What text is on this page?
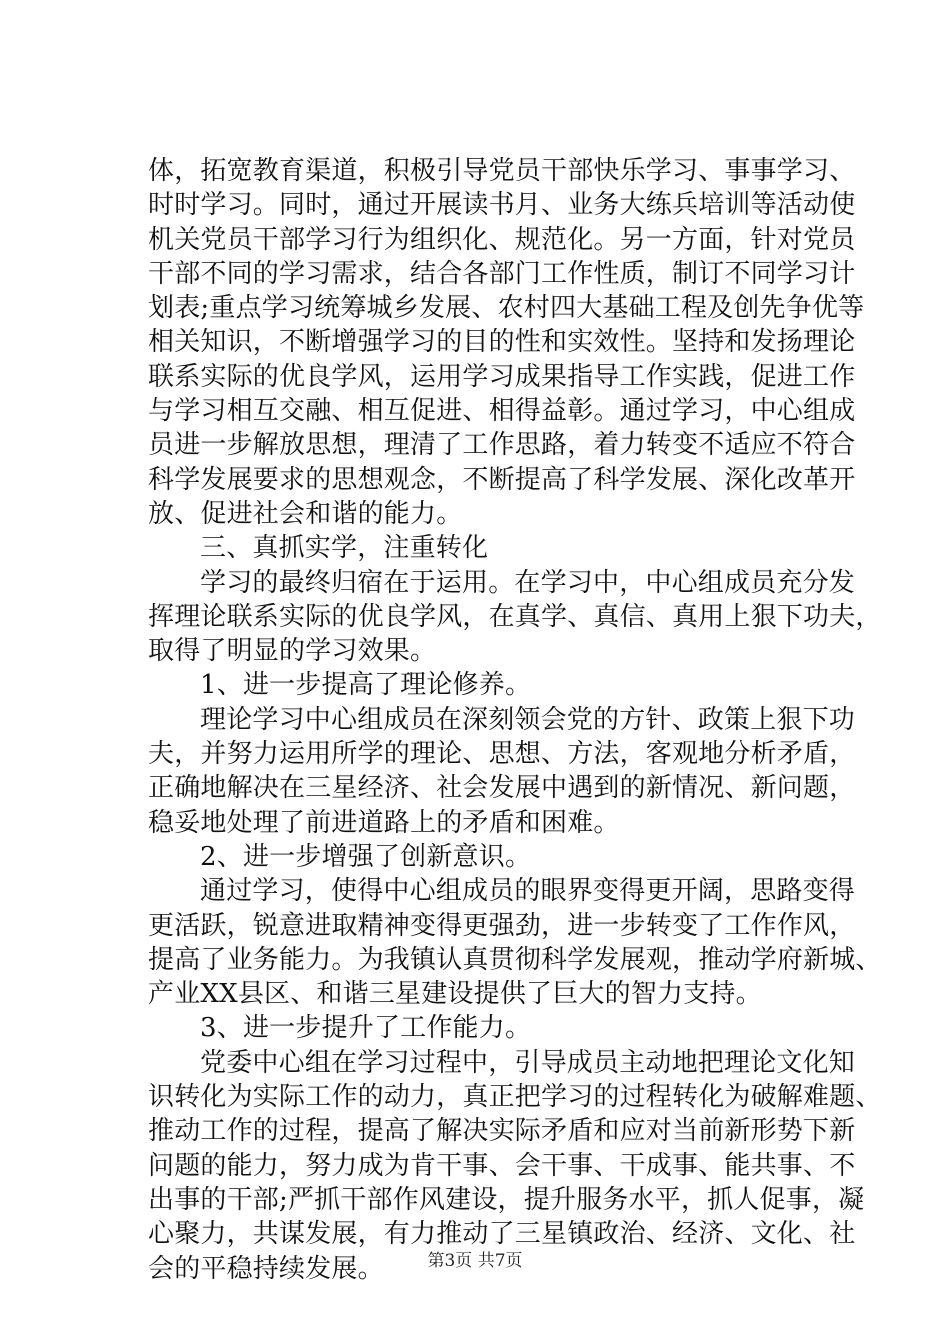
体，拓宽教育渠道，积极引导党员干部快乐学习、事事学习、
时时学习。同时，通过开展读书月、业务大练兵培训等活动使
机关党员干部学习行为组织化、规范化。另一方面，针对党员
干部不同的学习需求，结合各部门工作性质，制订不同学习计
划表;重点学习统筹城乡发展、农村四大基础工程及创先争优等
相关知识，不断增强学习的目的性和实效性。坚持和发扬理论
联系实际的优良学风，运用学习成果指导工作实践，促进工作
与学习相互交融、相互促进、相得益彰。通过学习，中心组成
员进一步解放思想，理清了工作思路，着力转变不适应不符合
科学发展要求的思想观念，不断提高了科学发展、深化改革开
放、促进社会和谐的能力。
三、真抓实学，注重转化
学习的最终归宿在于运用。在学习中，中心组成员充分发
挥理论联系实际的优良学风，在真学、真信、真用上狠下功夫，
取得了明显的学习效果。
1、进一步提高了理论修养。
理论学习中心组成员在深刻领会党的方针、政策上狠下功
夫，并努力运用所学的理论、思想、方法，客观地分析矛盾，
正确地解决在三星经济、社会发展中遇到的新情况、新问题，
稳妥地处理了前进道路上的矛盾和困难。
2、进一步增强了创新意识。
通过学习，使得中心组成员的眼界变得更开阔，思路变得
更活跃，锐意进取精神变得更强劲，进一步转变了工作作风，
提高了业务能力。为我镇认真贯彻科学发展观，推动学府新城、
产业XX县区、和谐三星建设提供了巨大的智力支持。
3、进一步提升了工作能力。
党委中心组在学习过程中，引导成员主动地把理论文化知
识转化为实际工作的动力，真正把学习的过程转化为破解难题、
推动工作的过程，提高了解决实际矛盾和应对当前新形势下新
问题的能力，努力成为肯干事、会干事、干成事、能共事、不
出事的干部;严抓干部作风建设，提升服务水平，抓人促事，凝
心聚力，共谋发展，有力推动了三星镇政治、经济、文化、社
会的平稳持续发展。	第3页 共7页
